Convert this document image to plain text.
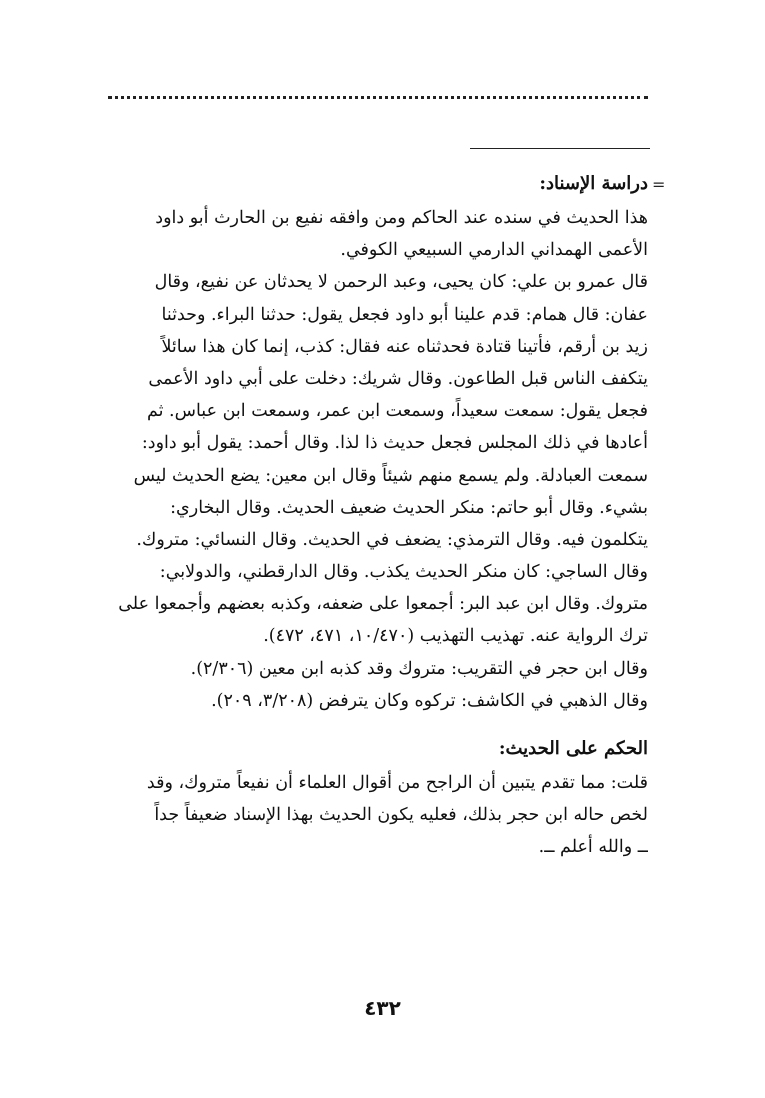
=
دراسة الإسناد:
هذا الحديث في سنده عند الحاكم ومن وافقه نفيع بن الحارث أبو داود
الأعمى الهمداني الدارمي السبيعي الكوفي.
قال عمرو بن علي: كان يحيى، وعبد الرحمن لا يحدثان عن نفيع، وقال
عفان: قال همام: قدم علينا أبو داود فجعل يقول: حدثنا البراء. وحدثنا
زيد بن أرقم، فأتينا قتادة فحدثناه عنه فقال: كذب، إنما كان هذا سائلاً
يتكفف الناس قبل الطاعون. وقال شريك: دخلت على أبي داود الأعمى
فجعل يقول: سمعت سعيداً، وسمعت ابن عمر، وسمعت ابن عباس. ثم
أعادها في ذلك المجلس فجعل حديث ذا لذا. وقال أحمد: يقول أبو داود:
سمعت العبادلة. ولم يسمع منهم شيئاً وقال ابن معين: يضع الحديث ليس
بشيء. وقال أبو حاتم: منكر الحديث ضعيف الحديث. وقال البخاري:
يتكلمون فيه. وقال الترمذي: يضعف في الحديث. وقال النسائي: متروك.
وقال الساجي: كان منكر الحديث يكذب. وقال الدارقطني، والدولابي:
متروك. وقال ابن عبد البر: أجمعوا على ضعفه، وكذبه بعضهم وأجمعوا على
ترك الرواية عنه. تهذيب التهذيب (١٠/٤٧٠، ٤٧١، ٤٧٢).
وقال ابن حجر في التقريب: متروك وقد كذبه ابن معين (٢/٣٠٦).
وقال الذهبي في الكاشف: تركوه وكان يترفض (٣/٢٠٨، ٢٠٩).
الحكم على الحديث:
قلت: مما تقدم يتبين أن الراجح من أقوال العلماء أن نفيعاً متروك، وقد
لخص حاله ابن حجر بذلك، فعليه يكون الحديث بهذا الإسناد ضعيفاً جداً
ــ والله أعلم ــ.
٤٣٢
